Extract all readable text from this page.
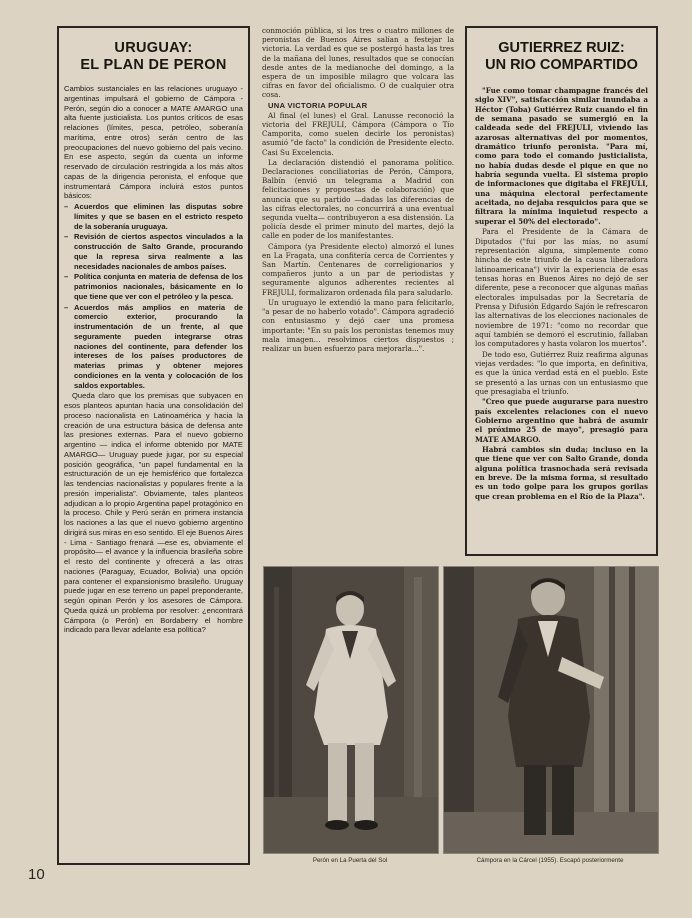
URUGUAY:
EL PLAN DE PERON

Cambios sustanciales en las relaciones uruguayo - argentinas impulsará el gobierno de Cámpora - Perón, según dio a conocer a MATE AMARGO una alta fuente justicialista. Los puntos críticos de esas relaciones (límites, pesca, petróleo, soberanía marítima, entre otros) serán centro de las preocupaciones del nuevo gobierno del país vecino. En ese aspecto, según da cuenta un informe reservado de circulación restringida a los más altos capas de la dirigencia peronista, el enfoque que instrumentará Cámpora incluirá estos puntos básicos:

– Acuerdos que eliminen las disputas sobre límites y que se basen en el estricto respeto de la soberanía uruguaya.
– Revisión de ciertos aspectos vinculados a la construcción de Salto Grande, procurando que la represa sirva realmente a las necesidades nacionales de ambos países.
– Política conjunta en materia de defensa de los patrimonios nacionales, básicamente en lo que tiene que ver con el petróleo y la pesca.
– Acuerdos más amplios en materia de comercio exterior, procurando la instrumentación de un frente, al que seguramente pueden integrarse otras naciones del continente, para defender los intereses de los países productores de materias primas y obtener mejores condiciones en la venta y colocación de los saldos exportables.

Queda claro que los premisas que subyacen en esos planteos apuntan hacia una consolidación del proceso nacionalista en Latinoamérica y hacia la creación de una estructura básica de defensa ante las presiones externas. Para el nuevo gobierno argentino — indica el informe obtenido por MATE AMARGO— Uruguay puede jugar, por su especial posición geográfica, "un papel fundamental en la estructuración de un eje hemisférico que fortalezca las tendencias nacionalistas y populares frente a la presión imperialista". Obviamente, tales planteos adjudican a lo propio Argentina papel protagónico en la proceso. Chile y Perú serán en primera instancia los naciones a las que el nuevo gobierno argentino dirigirá sus miras en eso sentido. El eje Buenos Aires - Lima - Santiago frenará —ese es, obviamente el propósito— el avance y la influencia brasileña sobre el resto del continente y ofrecerá a las otras naciones (Paraguay, Ecuador, Bolivia) una opción para contener el expansionismo brasileño. Uruguay puede jugar en ese terreno un papel preponderante, según opinan Perón y los asesores de Cámpora. Queda quizá un problema por resolver: ¿encontrará Cámpora (o Perón) en Bordaberry el hombre indicado para llevar adelante esa política?

conmoción pública, si los tres o cuatro millones de peronistas de Buenos Aires salían a festejar la victoria. La verdad es que se postergó hasta las tres de la mañana del lunes, resultados que se conocían desde antes de la medianoche del domingo, a la espera de un imposible milagro que volcara las cifras en favor del oficialismo. O de cualquier otra cosa.

UNA VICTORIA POPULAR

Al final (el lunes) el Gral. Lanusse reconoció la victoria del FREJULI, Cámpora (Cámpora o Tío Camporita, como suelen decirle los peronistas) asumió "de facto" la condición de Presidente electo. Casi Su Excelencia.

La declaración distendió el panorama político. Declaraciones conciliatorias de Perón, Cámpora, Balbín (envió un telegrama a Madrid con felicitaciones y propuestas de colaboración) que anuncia que su partido —dadas las diferencias de las cifras electorales, no concurrirá a una eventual segunda vuelta— contribuyeron a esa distensión. La policía desde el primer minuto del martes, dejó la calle en poder de los manifestantes.

Cámpora (ya Presidente electo) almorzó el lunes en La Fragata, una confitería cerca de Corrientes y San Martín. Centenares de correligionarios y compañeros junto a un par de periodistas y seguramente algunos adherentes recientes al FREJULI, formalizaron ordenada fila para saludarlo.

Un uruguayo le extendió la mano para felicitarlo, "a pesar de no haberlo votado". Cámpora agradeció con entusiasmo y dejó caer una promesa importante: "En su país los peronistas tenemos muy mala imagen... resolvimos ciertos dispuestos ; realizar un buen esfuerzo para mejorarla...".

GUTIERREZ RUIZ:
UN RIO COMPARTIDO

"Fue como tomar champagne francés del siglo XIV", satisfacción similar inundaba a Héctor (Toba) Gutiérrez Ruiz cuando el fin de semana pasado se sumergió en la caldeada sede del FREJULI, viviendo las azarosas alternativas del por momentos, dramático triunfo peronista. "Para mí, como para todo el comando justicialista, no había dudas desde el pique en que no habría segunda vuelta. El sistema propio de informaciones que digitaba el FREJULI, una máquina electoral perfectamente aceitada, no dejaba resquicios para que se filtrara la mínima inquietud respecto a superar el 50% del electorado".

Para el Presidente de la Cámara de Diputados ("fui por las mías, no asumí representación alguna, simplemente como hincha de este triunfo de la causa liberadora latinoamericana") vivir la experiencia de esas tensas horas en Buenos Aires no dejó de ser diferente, pese a reconocer que algunas mañas electorales impulsadas por la Secretaría de Prensa y Difusión Edgardo Sajón le refrescaron las alternativas de los elecciones nacionales de noviembre de 1971: "como no recordar que aquí también se demoró el escrutinio, fallaban los computadores y hasta volaron los muertos".

De todo eso, Gutiérrez Ruiz reafirma algunas viejas verdades: "lo que importa, en definitiva, es que la única verdad está en el pueblo. Este se presentó a las urnas con un entusiasmo que que presagiaba el triunfo.

"Creo que puede augurarse para nuestro país excelentes relaciones con el nuevo Gobierno argentino que habrá de asumir el próximo 25 de mayo", presagió para MATE AMARGO.

Habrá cambios sin duda; incluso en la que tiene que ver con Salto Grande, donda alguna política trasnochada será revisada en breve. De la misma forma, si resultado es un todo golpe para los grupos gorilas que crean problema en el Río de la Plaza".

Perón en La Puerta del Sol	Cámpora en la Cárcel (1955). Escapó posteriormente
10
